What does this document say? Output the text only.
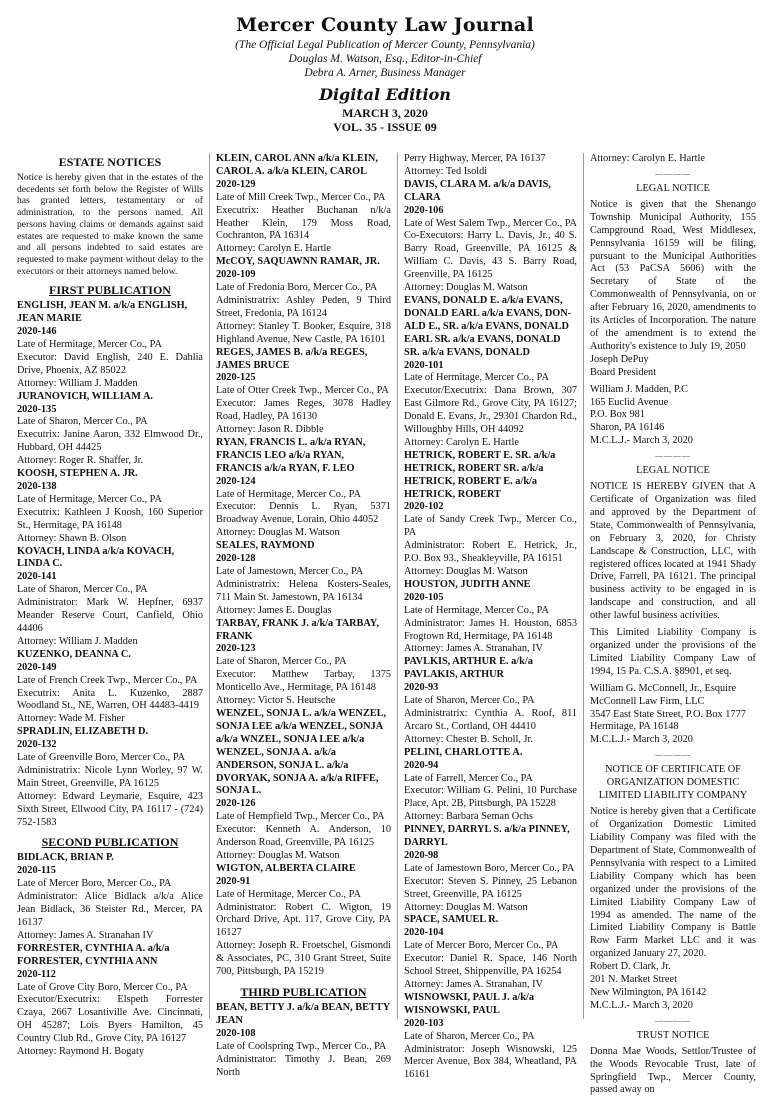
Mercer County Law Journal
(The Official Legal Publication of Mercer County, Pennsylvania)
Douglas M. Watson, Esq., Editor-in-Chief
Debra A. Arner, Business Manager
Digital Edition
MARCH 3, 2020
VOL. 35 - ISSUE 09
ESTATE NOTICES
Notice is hereby given that in the estates of the decedents set forth below the Register of Wills has granted letters, testamentary or of administration, to the persons named. All persons having claims or demands against said estates are requested to make known the same and all persons indebted to said estates are requested to make payment without delay to the executors or their attorneys named below.
FIRST PUBLICATION
ENGLISH, JEAN M. a/k/a ENGLISH, JEAN MARIE
2020-146
Late of Hermitage, Mercer Co., PA
Executor: David English, 240 E. Dahlia Drive, Phoenix, AZ 85022
Attorney: William J. Madden
JURANOVICH, WILLIAM A.
2020-135
Late of Sharon, Mercer Co., PA
Executrix: Janine Aaron, 332 Elmwood Dr., Hubbard, OH 44425
Attorney: Roger R. Shaffer, Jr.
KOOSH, STEPHEN A. JR.
2020-138
Late of Hermitage, Mercer Co., PA
Executrix: Kathleen J Koosh, 160 Superior St., Hermitage, PA 16148
Attorney: Shawn B. Olson
KOVACH, LINDA a/k/a KOVACH, LINDA C.
2020-141
Late of Sharon, Mercer Co., PA
Administrator: Mark W. Hepfner, 6937 Meander Reserve Court, Canfield, Ohio 44406
Attorney: William J. Madden
KUZENKO, DEANNA C.
2020-149
Late of French Creek Twp., Mercer Co., PA
Executrix: Anita L. Kuzenko, 2887 Woodland St., NE, Warren, OH 44483-4419
Attorney: Wade M. Fisher
SPRADLIN, ELIZABETH D.
2020-132
Late of Greenville Boro, Mercer Co., PA
Administratrix: Nicole Lynn Worley, 97 W. Main Street, Greenville, PA 16125
Attorney: Edward Leymarie, Esquire, 423 Sixth Street, Ellwood City, PA 16117 - (724) 752-1583
SECOND PUBLICATION
BIDLACK, BRIAN P.
2020-115
Late of Mercer Boro, Mercer Co., PA
Administrator: Alice Bidlack a/k/a Alice Jean Bidlack, 36 Steister Rd., Mercer, PA 16137
Attorney: James A. Stranahan IV
FORRESTER, CYNTHIA A. a/k/a FORRESTER, CYNTHIA ANN
2020-112
Late of Grove City Boro, Mercer Co., PA
Executor/Executrix: Elspeth Forrester Czaya, 2667 Losantiville Ave. Cincinnati, OH 45287; Lois Byers Hamilton, 45 Country Club Rd., Grove City, PA 16127
Attorney: Raymond H. Bogaty
KLEIN, CAROL ANN a/k/a KLEIN, CAROL A. a/k/a KLEIN, CAROL
2020-129
Late of Mill Creek Twp., Mercer Co., PA
Executrix: Heather Buchanan n/k/a Heather Klein, 179 Moss Road, Cochranton, PA 16314
Attorney: Carolyn E. Hartle
McCOY, SAQUAWNN RAMAR, JR.
2020-109
Late of Fredonia Boro, Mercer Co., PA
Administratrix: Ashley Peden, 9 Third Street, Fredonia, PA 16124
Attorney: Stanley T. Booker, Esquire, 318 Highland Avenue, New Castle, PA 16101
REGES, JAMES B. a/k/a REGES, JAMES BRUCE
2020-125
Late of Otter Creek Twp., Mercer Co., PA
Executor: James Reges, 3078 Hadley Road, Hadley, PA 16130
Attorney: Jason R. Dibble
RYAN, FRANCIS L. a/k/a RYAN, FRANCIS LEO a/k/a RYAN, FRANCIS a/k/a RYAN, F. LEO
2020-124
Late of Hermitage, Mercer Co., PA
Executor: Dennis L. Ryan, 5371 Broadway Avenue, Lorain, Ohio 44052
Attorney: Douglas M. Watson
SEALES, RAYMOND
2020-128
Late of Jamestown, Mercer Co., PA
Administratrix: Helena Kosters-Seales, 711 Main St. Jamestown, PA 16134
Attorney: James E. Douglas
TARBAY, FRANK J. a/k/a TARBAY, FRANK
2020-123
Late of Sharon, Mercer Co., PA
Executor: Matthew Tarbay, 1375 Monticello Ave., Hermitage, PA 16148
Attorney: Victor S. Heutsche
WENZEL, SONJA L. a/k/a WENZEL, SONJA LEE a/k/a WENZEL, SONJA a/k/a WNZEL, SONJA LEE a/k/a WENZEL, SONJA A. a/k/a ANDERSON, SONJA L. a/k/a DVORYAK, SONJA A. a/k/a RIFFE, SONJA L.
2020-126
Late of Hempfield Twp., Mercer Co., PA
Executor: Kenneth A. Anderson, 10 Anderson Road, Greenville, PA 16125
Attorney: Douglas M. Watson
WIGTON, ALBERTA CLAIRE
2020-91
Late of Hermitage, Mercer Co., PA
Administrator: Robert C. Wigton, 19 Orchard Drive, Apt. 117, Grove City, PA 16127
Attorney: Joseph R. Froetschel, Gismondi & Associates, PC, 310 Grant Street, Suite 700, Pittsburgh, PA 15219
THIRD PUBLICATION
BEAN, BETTY J. a/k/a BEAN, BETTY JEAN
2020-108
Late of Coolspring Twp., Mercer Co., PA
Administrator: Timothy J. Bean, 269 North
Perry Highway, Mercer, PA 16137
Attorney: Ted Isoldi
DAVIS, CLARA M. a/k/a DAVIS, CLARA
2020-106
Late of West Salem Twp., Mercer Co., PA
Co-Executors: Harry L. Davis, Jr., 40 S. Barry Road, Greenville, PA 16125 & William C. Davis, 43 S. Barry Road, Greenville, PA 16125
Attorney: Douglas M. Watson
EVANS, DONALD E. a/k/a EVANS, DONALD EARL a/k/a EVANS, DON-ALD E., SR. a/k/a EVANS, DONALD EARL SR. a/k/a EVANS, DONALD SR. a/k/a EVANS, DONALD
2020-101
Late of Hermitage, Mercer Co., PA
Executor/Executrix: Dana Brown, 307 East Gilmore Rd., Grove City, PA 16127; Donald E. Evans, Jr., 29301 Chardon Rd., Willoughby Hills, OH 44092
Attorney: Carolyn E. Hartle
HETRICK, ROBERT E. SR. a/k/a HETRICK, ROBERT SR. a/k/a HETRICK, ROBERT E. a/k/a HETRICK, ROBERT
2020-102
Late of Sandy Creek Twp., Mercer Co., PA
Administrator: Robert E. Hetrick, Jr., P.O. Box 93., Sheakleyville, PA 16151
Attorney: Douglas M. Watson
HOUSTON, JUDITH ANNE
2020-105
Late of Hermitage, Mercer Co., PA
Administrator: James H. Houston, 6853 Frogtown Rd, Hermitage, PA 16148
Attorney: James A. Stranahan, IV
PAVLKIS, ARTHUR E. a/k/a PAVLAKIS, ARTHUR
2020-93
Late of Sharon, Mercer Co., PA
Administratrix: Cynthia A. Roof, 811 Arcaro St., Cortland, OH 44410
Attorney: Chester B. Scholl, Jr.
PELINI, CHARLOTTE A.
2020-94
Late of Farrell, Mercer Co., PA
Executor: William G. Pelini, 10 Purchase Place, Apt. 2B, Pittsburgh, PA 15228
Attorney: Barbara Seman Ochs
PINNEY, DARRYL S. a/k/a PINNEY, DARRYL
2020-98
Late of Jamestown Boro, Mercer Co., PA
Executor: Steven S. Pinney, 25 Lebanon Street, Greenville, PA 16125
Attorney: Douglas M. Watson
SPACE, SAMUEL R.
2020-104
Late of Mercer Boro, Mercer Co., PA
Executor: Daniel R. Space, 146 North School Street, Shippenville, PA 16254
Attorney: James A. Stranahan, IV
WISNOWSKI, PAUL J. a/k/a WISNOWSKI, PAUL
2020-103
Late of Sharon, Mercer Co., PA
Administrator: Joseph Wisnowski, 125 Mercer Avenue, Box 384, Wheatland, PA 16161
Attorney: Carolyn E. Hartle
————
LEGAL NOTICE
Notice is given that the Shenango Township Municipal Authority, 155 Campground Road, West Middlesex, Pennsylvania 16159 will be filing, pursuant to the Municipal Authorities Act (53 PaCSA 5606) with the Secretary of State of the Commonwealth of Pennsylvania, on or after February 16, 2020, amendments to its Articles of Incorporation. The nature of the amendment is to extend the Authority's existence to July 19, 2050
Joseph DePuy
Board President
William J. Madden, P.C
165 Euclid Avenue
P.O. Box 981
Sharon, PA 16146
M.C.L.J.- March 3, 2020
————
LEGAL NOTICE
NOTICE IS HEREBY GIVEN that A Certificate of Organization was filed and approved by the Department of State, Commonwealth of Pennsylvania, on February 3, 2020, for Christy Landscape & Construction, LLC, with registered offices located at 1941 Shady Drive, Farrell, PA 16121. The principal business activity to be engaged in is landscape and construction, and all other lawful business activities.
This Limited Liability Company is organized under the provisions of the Limited Liability Company Law of 1994, 15 Pa. C.S.A. §8901, et seq.
William G. McConnell, Jr., Esquire
McConnell Law Firm, LLC
3547 East State Street, P.O. Box 1777
Hermitage, PA 16148
M.C.L.J.- March 3, 2020
————
NOTICE OF CERTIFICATE OF ORGANIZATION DOMESTIC LIMITED LIABILITY COMPANY
Notice is hereby given that a Certificate of Organization Domestic Limited Liability Company was filed with the Department of State, Commonwealth of Pennsylvania with respect to a Limited Liability Company which has been organized under the provisions of the Limited Liability Company Law of 1994 as amended. The name of the Limited Liability Company is Battle Row Farm Market LLC and it was organized January 27, 2020.
Robert D. Clark, Jr.
201 N. Market Street
New Wilmington, PA 16142
M.C.L.J.- March 3, 2020
————
TRUST NOTICE
Donna Mae Woods, Settlor/Trustee of the Woods Revocable Trust, late of Springfield Twp., Mercer County, passed away on
